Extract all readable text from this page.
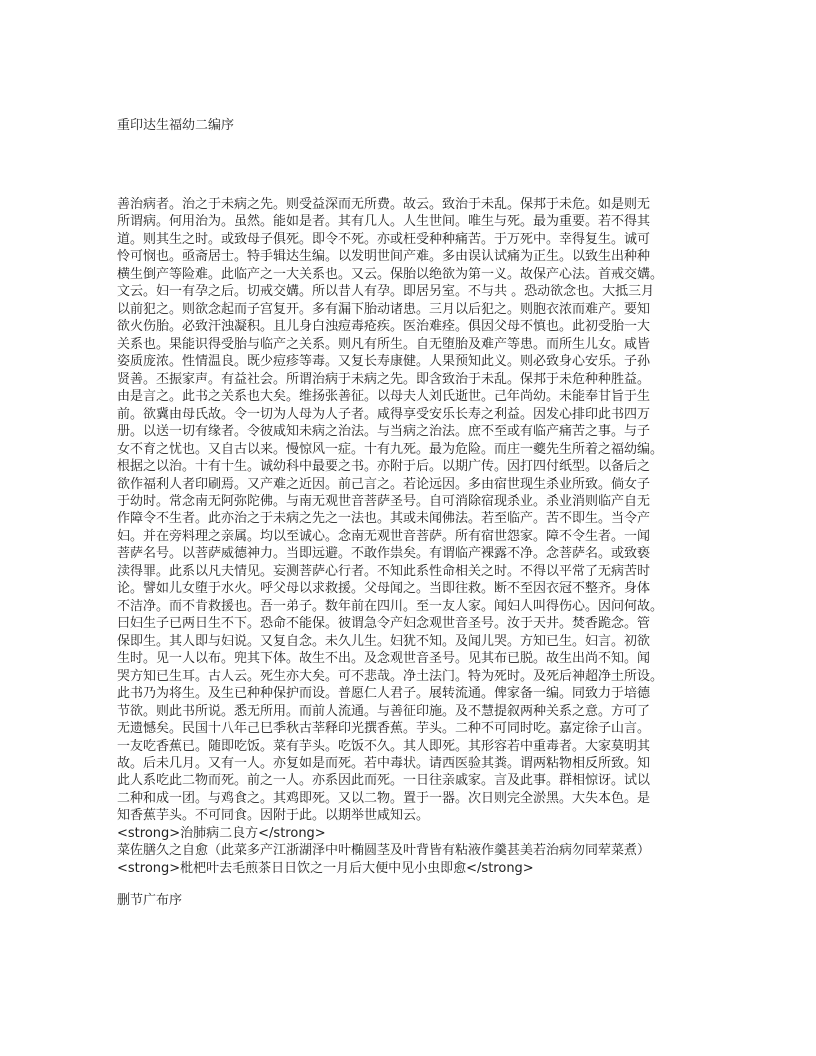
重印达生福幼二编序
善治病者。治之于未病之先。则受益深而无所费。故云。致治于未乱。保邦于未危。如是则无
所谓病。何用治为。虽然。能如是者。其有几人。人生世间。唯生与死。最为重要。若不得其
道。则其生之时。或致母子俱死。即令不死。亦或枉受种种痛苦。于万死中。幸得复生。诚可
怜可悯也。亟斋居士。特手辑达生编。以发明世间产难。多由误认试痛为正生。以致生出种种
横生倒产等险难。此临产之一大关系也。又云。保胎以绝欲为第一义。故保产心法。首戒交媾。
文云。妇一有孕之后。切戒交媾。所以昔人有孕。即居另室。不与共 。恐动欲念也。大抵三月
以前犯之。则欲念起而子宫复开。多有漏下胎动诸患。三月以后犯之。则胞衣浓而难产。要知
欲火伤胎。必致汗浊凝积。且儿身白浊痘毒疮疾。医治难痊。俱因父母不慎也。此初受胎一大
关系也。果能识得受胎与临产之关系。则凡有所生。自无堕胎及难产等患。而所生儿女。咸皆
姿质庞浓。性情温良。既少痘疹等毒。又复长寿康健。人果预知此义。则必致身心安乐。子孙
贤善。丕振家声。有益社会。所谓治病于未病之先。即含致治于未乱。保邦于未危种种胜益。
由是言之。此书之关系也大矣。维扬张善征。以母夫人刘氏逝世。己年尚幼。未能奉甘旨于生
前。欲冀由母氏故。令一切为人母为人子者。咸得享受安乐长寿之利益。因发心排印此书四万
册。以送一切有缘者。令彼咸知未病之治法。与当病之治法。庶不至或有临产痛苦之事。与子
女不育之忧也。又自古以来。慢惊风一症。十有九死。最为危险。而庄一夔先生所着之福幼编。
根据之以治。十有十生。诚幼科中最要之书。亦附于后。以期广传。因打四付纸型。以备后之
欲作福利人者印刷焉。又产难之近因。前己言之。若论远因。多由宿世现生杀业所致。倘女子
于幼时。常念南无阿弥陀佛。与南无观世音菩萨圣号。自可消除宿现杀业。杀业消则临产自无
作障令不生者。此亦治之于未病之先之一法也。其或未闻佛法。若至临产。苦不即生。当令产
妇。并在旁料理之亲属。均以至诚心。念南无观世音菩萨。所有宿世怨家。障不令生者。一闻
菩萨名号。以菩萨威德神力。当即远避。不敢作祟矣。有谓临产裸露不净。念菩萨名。或致亵
渎得罪。此系以凡夫情见。妄测菩萨心行者。不知此系性命相关之时。不得以平常了无病苦时
论。譬如儿女堕于水火。呼父母以求救援。父母闻之。当即往救。断不至因衣冠不整齐。身体
不洁净。而不肯救援也。吾一弟子。数年前在四川。至一友人家。闻妇人叫得伤心。因问何故。
曰妇生子已两日生不下。恐命不能保。彼谓急令产妇念观世音圣号。汝于天井。焚香跪念。管
保即生。其人即与妇说。又复自念。未久儿生。妇犹不知。及闻儿哭。方知已生。妇言。初欲
生时。见一人以布。兜其下体。故生不出。及念观世音圣号。见其布已脱。故生出尚不知。闻
哭方知已生耳。古人云。死生亦大矣。可不悲哉。净土法门。特为死时。及死后神超净土所设。
此书乃为将生。及生已种种保护而设。普愿仁人君子。展转流通。俾家备一编。同致力于培德
节欲。则此书所说。悉无所用。而前人流通。与善征印施。及不慧提叙两种关系之意。方可了
无遗憾矣。民国十八年己巳季秋古莘释印光撰香蕉。芋头。二种不可同时吃。嘉定徐子山言。
一友吃香蕉已。随即吃饭。菜有芋头。吃饭不久。其人即死。其形容若中重毒者。大家莫明其
故。后未几月。又有一人。亦复如是而死。若中毒状。请西医验其粪。谓两粘物相反所致。知
此人系吃此二物而死。前之一人。亦系因此而死。一日往亲戚家。言及此事。群相惊讶。试以
二种和成一团。与鸡食之。其鸡即死。又以二物。置于一器。次日则完全淤黑。大失本色。是
知香蕉芋头。不可同食。因附于此。以期举世咸知云。
<strong>治肺病二良方</strong>
菜佐膳久之自愈（此菜多产江浙湖泽中叶椭圆茎及叶背皆有粘液作羹甚美若治病勿同荤菜煮）
<strong>枇杷叶去毛煎茶日日饮之一月后大便中见小虫即愈</strong>
删节广布序
